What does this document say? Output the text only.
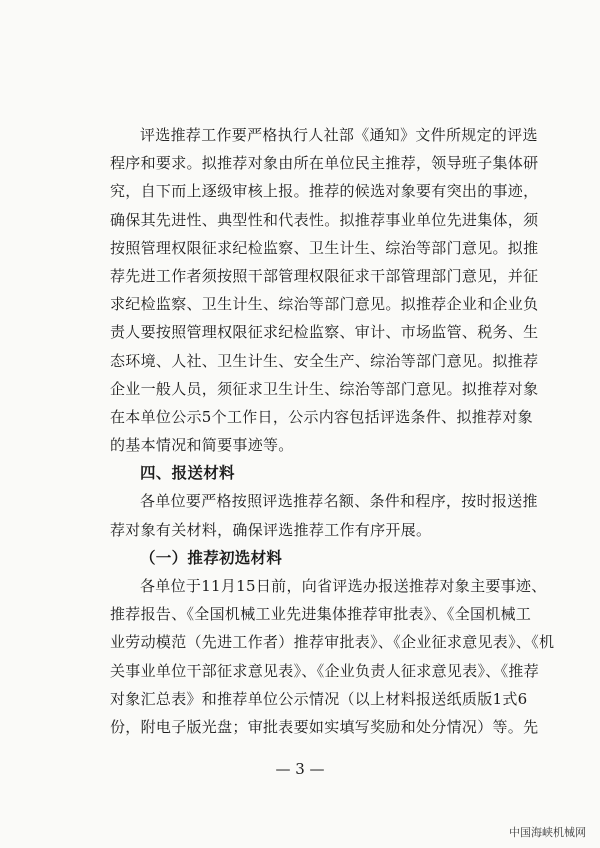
评选推荐工作要严格执行人社部《通知》文件所规定的评选
程序和要求。拟推荐对象由所在单位民主推荐，领导班子集体研
究，自下而上逐级审核上报。推荐的候选对象要有突出的事迹，
确保其先进性、典型性和代表性。拟推荐事业单位先进集体，须
按照管理权限征求纪检监察、卫生计生、综治等部门意见。拟推
荐先进工作者须按照干部管理权限征求干部管理部门意见，并征
求纪检监察、卫生计生、综治等部门意见。拟推荐企业和企业负
责人要按照管理权限征求纪检监察、审计、市场监管、税务、生
态环境、人社、卫生计生、安全生产、综治等部门意见。拟推荐
企业一般人员，须征求卫生计生、综治等部门意见。拟推荐对象
在本单位公示5个工作日，公示内容包括评选条件、拟推荐对象
的基本情况和简要事迹等。
四、报送材料
各单位要严格按照评选推荐名额、条件和程序，按时报送推
荐对象有关材料，确保评选推荐工作有序开展。
（一）推荐初选材料
各单位于11月15日前，向省评选办报送推荐对象主要事迹、
推荐报告、《全国机械工业先进集体推荐审批表》、《全国机械工
业劳动模范（先进工作者）推荐审批表》、《企业征求意见表》、《机
关事业单位干部征求意见表》、《企业负责人征求意见表》、《推荐
对象汇总表》和推荐单位公示情况（以上材料报送纸质版1式6
份，附电子版光盘；审批表要如实填写奖励和处分情况）等。先
— 3 —
中国海峡机械网
